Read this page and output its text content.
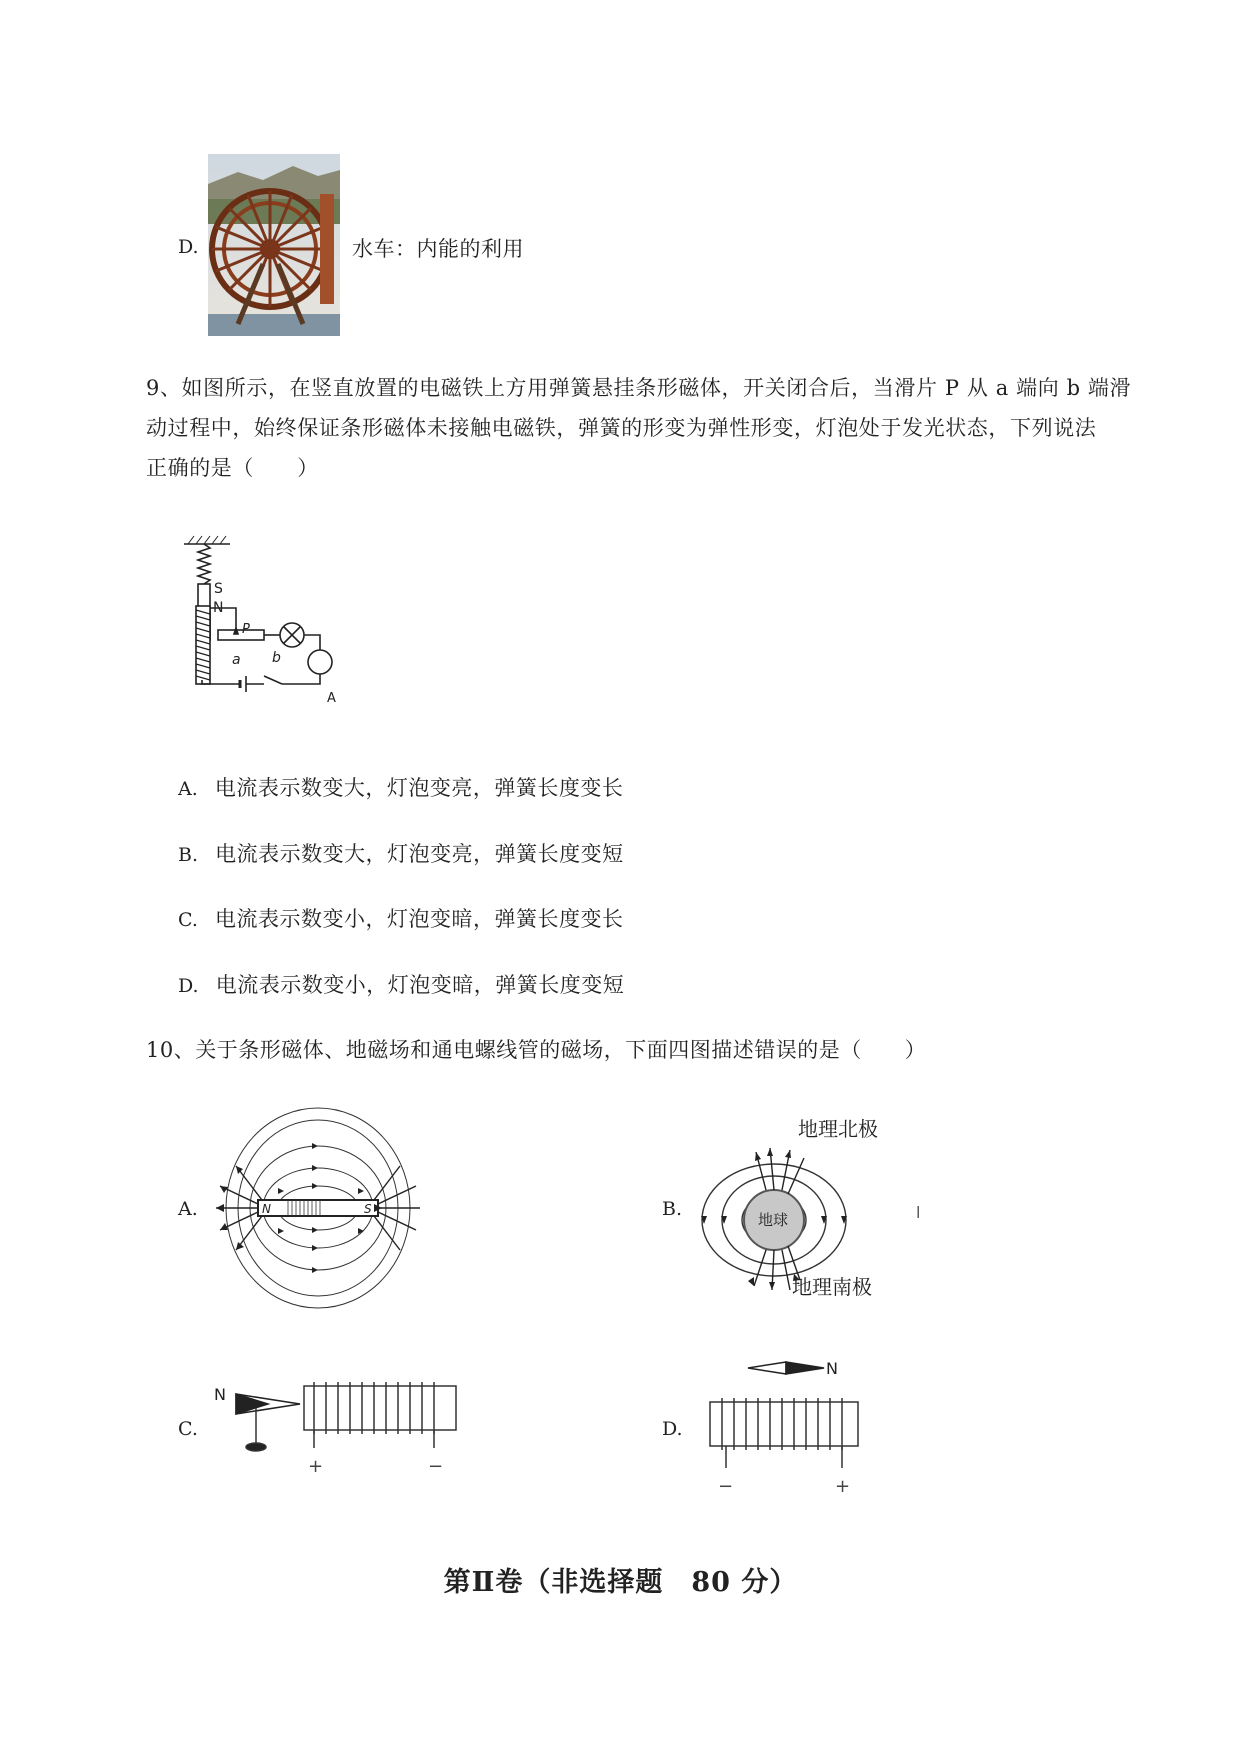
D.	水车：内能的利用
9、如图所示，在竖直放置的电磁铁上方用弹簧悬挂条形磁体，开关闭合后，当滑片 P 从 a 端向 b 端滑
动过程中，始终保证条形磁体未接触电磁铁，弹簧的形变为弹性形变，灯泡处于发光状态，下列说法
正确的是（　　）
S
N
P
a b
A
A. 电流表示数变大，灯泡变亮，弹簧长度变长
B. 电流表示数变大，灯泡变亮，弹簧长度变短
C. 电流表示数变小，灯泡变暗，弹簧长度变长
D. 电流表示数变小，灯泡变暗，弹簧长度变短
10、关于条形磁体、地磁场和通电螺线管的磁场，下面四图描述错误的是（　　）
A.	N	S	B.	地球
地理北极
地理南极
l
C.
N
+	−
D.
N
−	+
第Ⅱ卷（非选择题　80 分）
